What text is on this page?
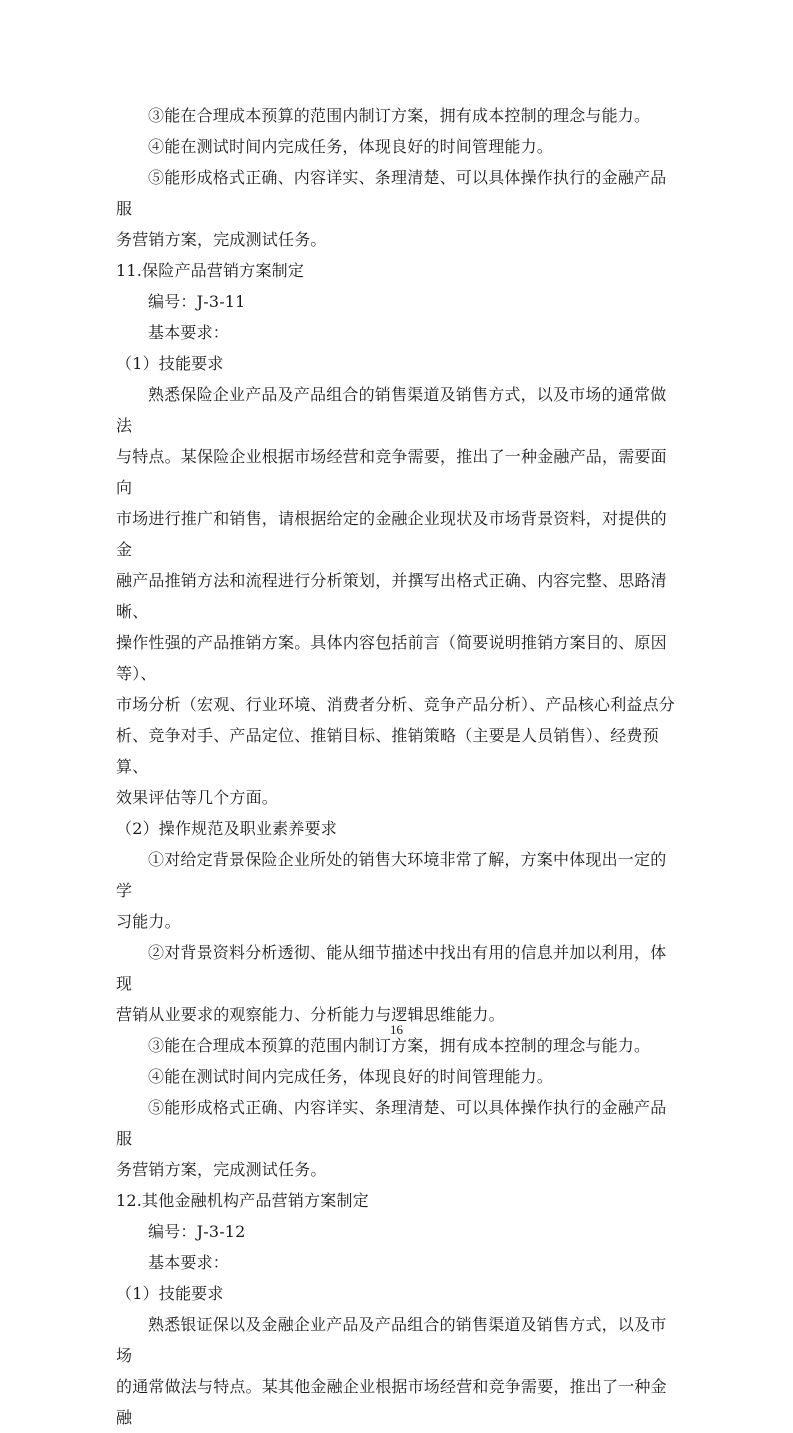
③能在合理成本预算的范围内制订方案，拥有成本控制的理念与能力。

④能在测试时间内完成任务，体现良好的时间管理能力。

⑤能形成格式正确、内容详实、条理清楚、可以具体操作执行的金融产品服

务营销方案，完成测试任务。

11.保险产品营销方案制定

编号：J-3-11

基本要求：

（1）技能要求

熟悉保险企业产品及产品组合的销售渠道及销售方式，以及市场的通常做法

与特点。某保险企业根据市场经营和竞争需要，推出了一种金融产品，需要面向

市场进行推广和销售，请根据给定的金融企业现状及市场背景资料，对提供的金

融产品推销方法和流程进行分析策划，并撰写出格式正确、内容完整、思路清晰、

操作性强的产品推销方案。具体内容包括前言（简要说明推销方案目的、原因等）、

市场分析（宏观、行业环境、消费者分析、竞争产品分析）、产品核心利益点分

析、竞争对手、产品定位、推销目标、推销策略（主要是人员销售）、经费预算、

效果评估等几个方面。

（2）操作规范及职业素养要求

①对给定背景保险企业所处的销售大环境非常了解，方案中体现出一定的学

习能力。

②对背景资料分析透彻、能从细节描述中找出有用的信息并加以利用，体现

营销从业要求的观察能力、分析能力与逻辑思维能力。

③能在合理成本预算的范围内制订方案，拥有成本控制的理念与能力。

④能在测试时间内完成任务，体现良好的时间管理能力。

⑤能形成格式正确、内容详实、条理清楚、可以具体操作执行的金融产品服

务营销方案，完成测试任务。

12.其他金融机构产品营销方案制定

编号：J-3-12

基本要求：

（1）技能要求

熟悉银证保以及金融企业产品及产品组合的销售渠道及销售方式，以及市场

的通常做法与特点。某其他金融企业根据市场经营和竞争需要，推出了一种金融

16
